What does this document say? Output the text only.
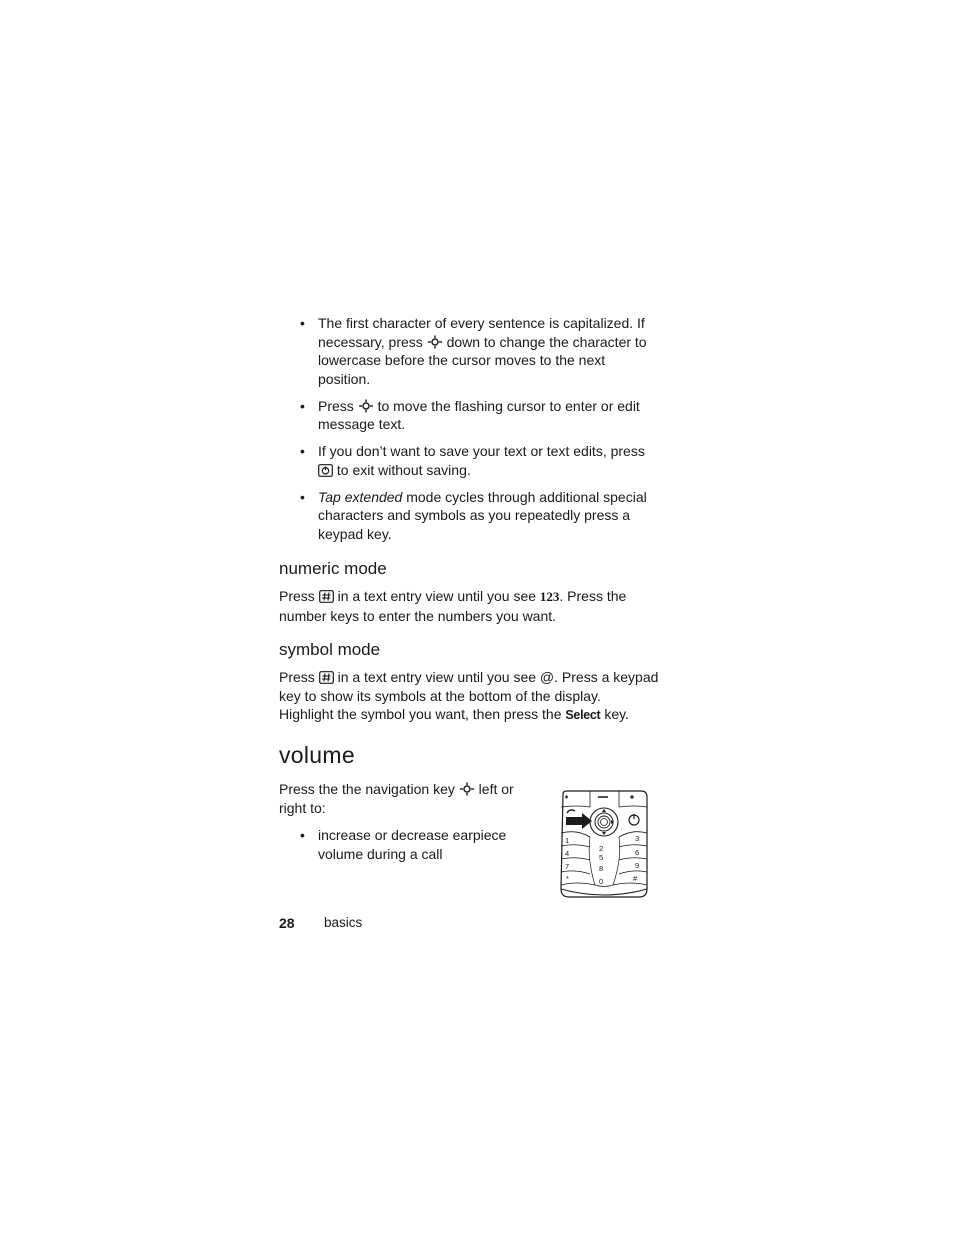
• The first character of every sentence is capitalized. If necessary, press down to change the character to lowercase before the cursor moves to the next position.
• Press to move the flashing cursor to enter or edit message text.
• If you don’t want to save your text or text edits, press  to exit without saving.
• Tap extended mode cycles through additional special characters and symbols as you repeatedly press a keypad key.
numeric mode

Press in a text entry view until you see 123. Press the number keys to enter the numbers you want.

symbol mode

Press in a text entry view until you see @. Press a keypad key to show its symbols at the bottom of the display. Highlight the symbol you want, then press the Select key.

volume

Press the the navigation key left or right to:

• increase or decrease earpiece volume during a call
1
2
3
4	5
6
7	8	9
*	0	#
28 basics
